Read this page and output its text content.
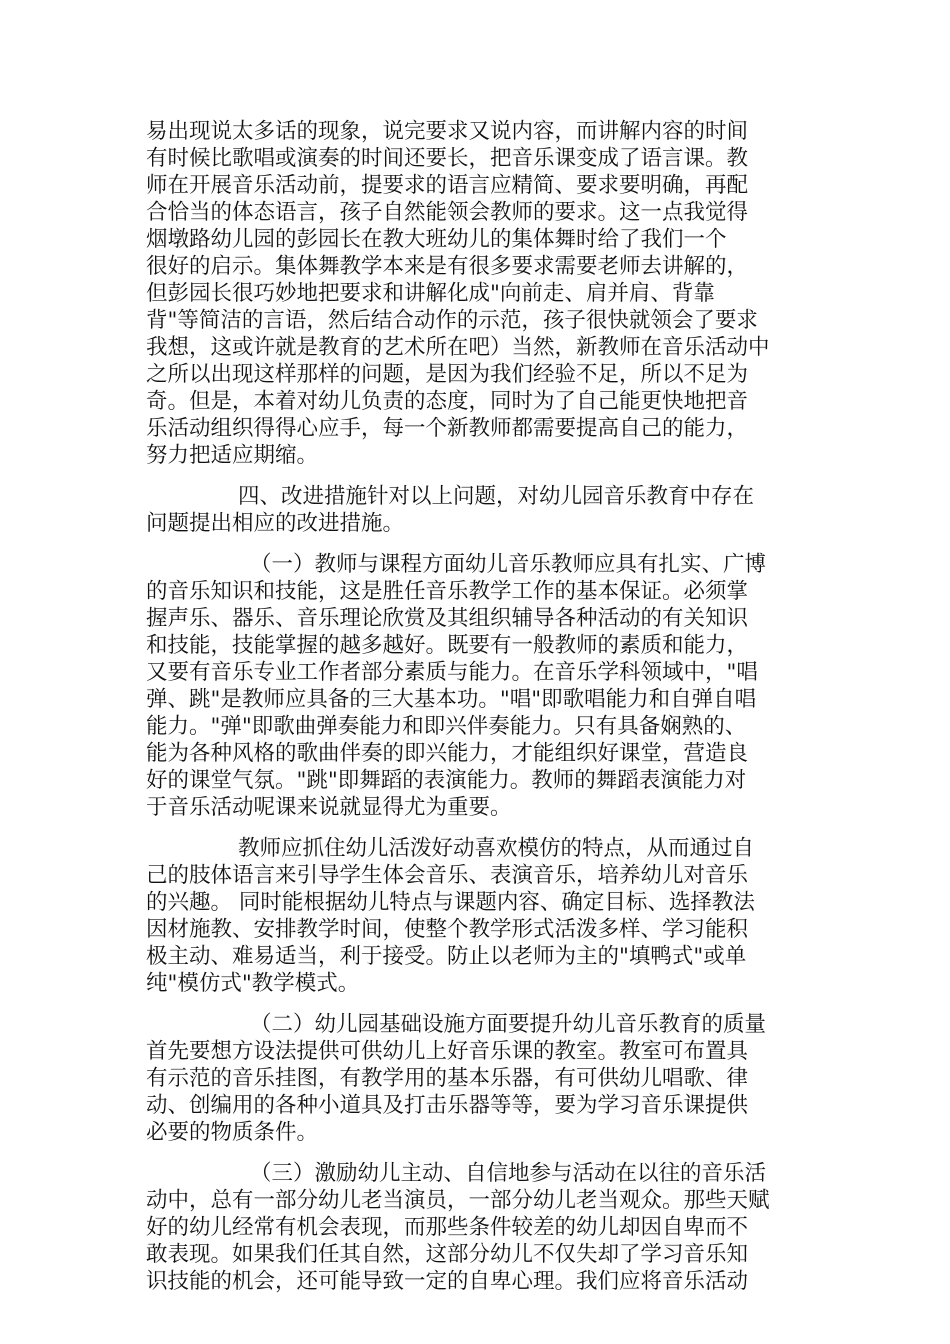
易出现说太多话的现象，说完要求又说内容，而讲解内容的时间
有时候比歌唱或演奏的时间还要长，把音乐课变成了语言课。教
师在开展音乐活动前，提要求的语言应精简、要求要明确，再配
合恰当的体态语言，孩子自然能领会教师的要求。这一点我觉得
烟墩路幼儿园的彭园长在教大班幼儿的集体舞时给了我们一个
很好的启示。集体舞教学本来是有很多要求需要老师去讲解的，
但彭园长很巧妙地把要求和讲解化成"向前走、肩并肩、背靠
背"等简洁的言语，然后结合动作的示范，孩子很快就领会了要求
我想，这或许就是教育的艺术所在吧）当然，新教师在音乐活动中
之所以出现这样那样的问题，是因为我们经验不足，所以不足为
奇。但是，本着对幼儿负责的态度，同时为了自己能更快地把音
乐活动组织得得心应手，每一个新教师都需要提高自己的能力，
努力把适应期缩。
四、改进措施针对以上问题，对幼儿园音乐教育中存在
问题提出相应的改进措施。
（一）教师与课程方面幼儿音乐教师应具有扎实、广博
的音乐知识和技能，这是胜任音乐教学工作的基本保证。必须掌
握声乐、器乐、音乐理论欣赏及其组织辅导各种活动的有关知识
和技能，技能掌握的越多越好。既要有一般教师的素质和能力，
又要有音乐专业工作者部分素质与能力。在音乐学科领域中，"唱
弹、跳"是教师应具备的三大基本功。"唱"即歌唱能力和自弹自唱
能力。"弹"即歌曲弹奏能力和即兴伴奏能力。只有具备娴熟的、
能为各种风格的歌曲伴奏的即兴能力，才能组织好课堂，营造良
好的课堂气氛。"跳"即舞蹈的表演能力。教师的舞蹈表演能力对
于音乐活动呢课来说就显得尤为重要。
教师应抓住幼儿活泼好动喜欢模仿的特点，从而通过自
己的肢体语言来引导学生体会音乐、表演音乐，培养幼儿对音乐
的兴趣。 同时能根据幼儿特点与课题内容、确定目标、选择教法
因材施教、安排教学时间，使整个教学形式活泼多样、学习能积
极主动、难易适当，利于接受。防止以老师为主的"填鸭式"或单
纯"模仿式"教学模式。
（二）幼儿园基础设施方面要提升幼儿音乐教育的质量
首先要想方设法提供可供幼儿上好音乐课的教室。教室可布置具
有示范的音乐挂图，有教学用的基本乐器，有可供幼儿唱歌、律
动、创编用的各种小道具及打击乐器等等，要为学习音乐课提供
必要的物质条件。
（三）激励幼儿主动、自信地参与活动在以往的音乐活
动中，总有一部分幼儿老当演员，一部分幼儿老当观众。那些天赋
好的幼儿经常有机会表现，而那些条件较差的幼儿却因自卑而不
敢表现。如果我们任其自然，这部分幼儿不仅失却了学习音乐知
识技能的机会，还可能导致一定的自卑心理。我们应将音乐活动
